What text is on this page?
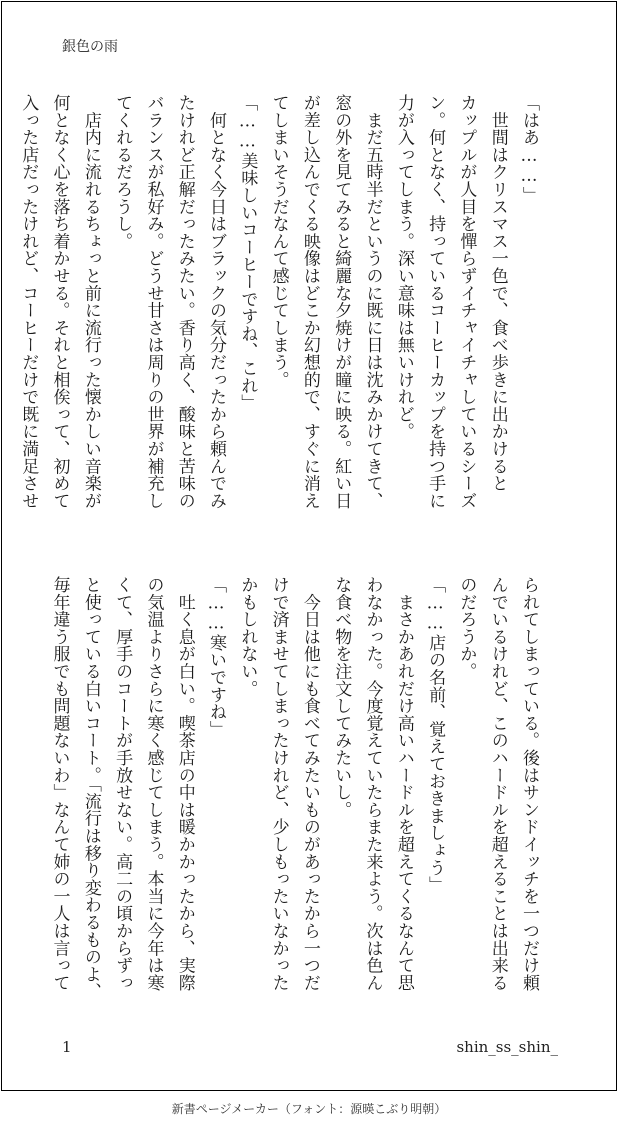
銀色の雨
「はあ……」
　世間はクリスマス一色で、食べ歩きに出かけると
カップルが人目を憚らずイチャイチャしているシーズ
ン。何となく、持っているコーヒーカップを持つ手に
力が入ってしまう。深い意味は無いけれど。
　まだ五時半だというのに既に日は沈みかけてきて、
窓の外を見てみると綺麗な夕焼けが瞳に映る。紅い日
が差し込んでくる映像はどこか幻想的で、すぐに消え
てしまいそうだなんて感じてしまう。
「……美味しいコーヒーですね、これ」
　何となく今日はブラックの気分だったから頼んでみ
たけれど正解だったみたい。香り高く、酸味と苦味の
バランスが私好み。どうせ甘さは周りの世界が補充し
てくれるだろうし。
　店内に流れるちょっと前に流行った懐かしい音楽が
何となく心を落ち着かせる。それと相俟って、初めて
入った店だったけれど、コーヒーだけで既に満足させ
られてしまっている。後はサンドイッチを一つだけ頼
んでいるけれど、このハードルを超えることは出来る
のだろうか。
「……店の名前、覚えておきましょう」
　まさかあれだけ高いハードルを超えてくるなんて思
わなかった。今度覚えていたらまた来よう。次は色ん
な食べ物を注文してみたいし。
　今日は他にも食べてみたいものがあったから一つだ
けで済ませてしまったけれど、少しもったいなかった
かもしれない。
「……寒いですね」
　吐く息が白い。喫茶店の中は暖かかったから、実際
の気温よりさらに寒く感じてしまう。本当に今年は寒
くて、厚手のコートが手放せない。高二の頃からずっ
と使っている白いコート。「流行は移り変わるものよ、
毎年違う服でも問題ないわ」なんて姉の一人は言って
1	shin_ss_shin_
新書ページメーカー（フォント：源暎こぶり明朝）
